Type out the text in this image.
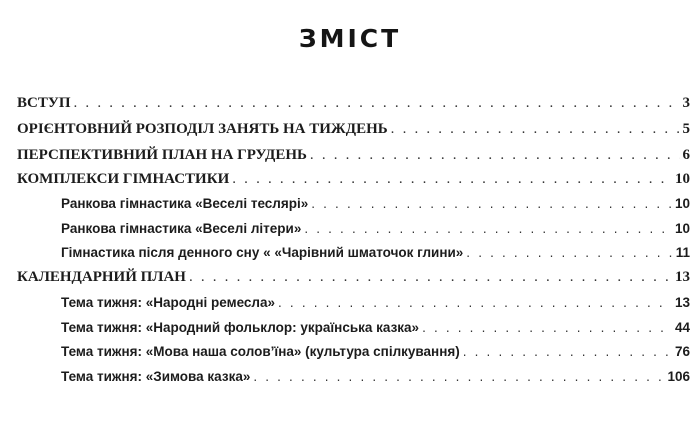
ЗМІСТ
ВСТУП . . .	3
ОРІЄНТОВНИЙ РОЗПОДІЛ ЗАНЯТЬ НА ТИЖДЕНЬ . . .	5
ПЕРСПЕКТИВНИЙ ПЛАН НА ГРУДЕНЬ . . .	6
КОМПЛЕКСИ ГІМНАСТИКИ . . .	10
Ранкова гімнастика «Веселі теслярі» . . .	10
Ранкова гімнастика «Веселі літери» . . .	10
Гімнастика після денного сну « «Чарівний шматочок глини» . . .	11
КАЛЕНДАРНИЙ ПЛАН . . .	13
Тема тижня: «Народні ремесла» . . .	13
Тема тижня: «Народний фольклор: українська казка» . . .	44
Тема тижня: «Мова наша солов’їна» (культура спілкування) . . .	76
Тема тижня: «Зимова казка» . . .	106
